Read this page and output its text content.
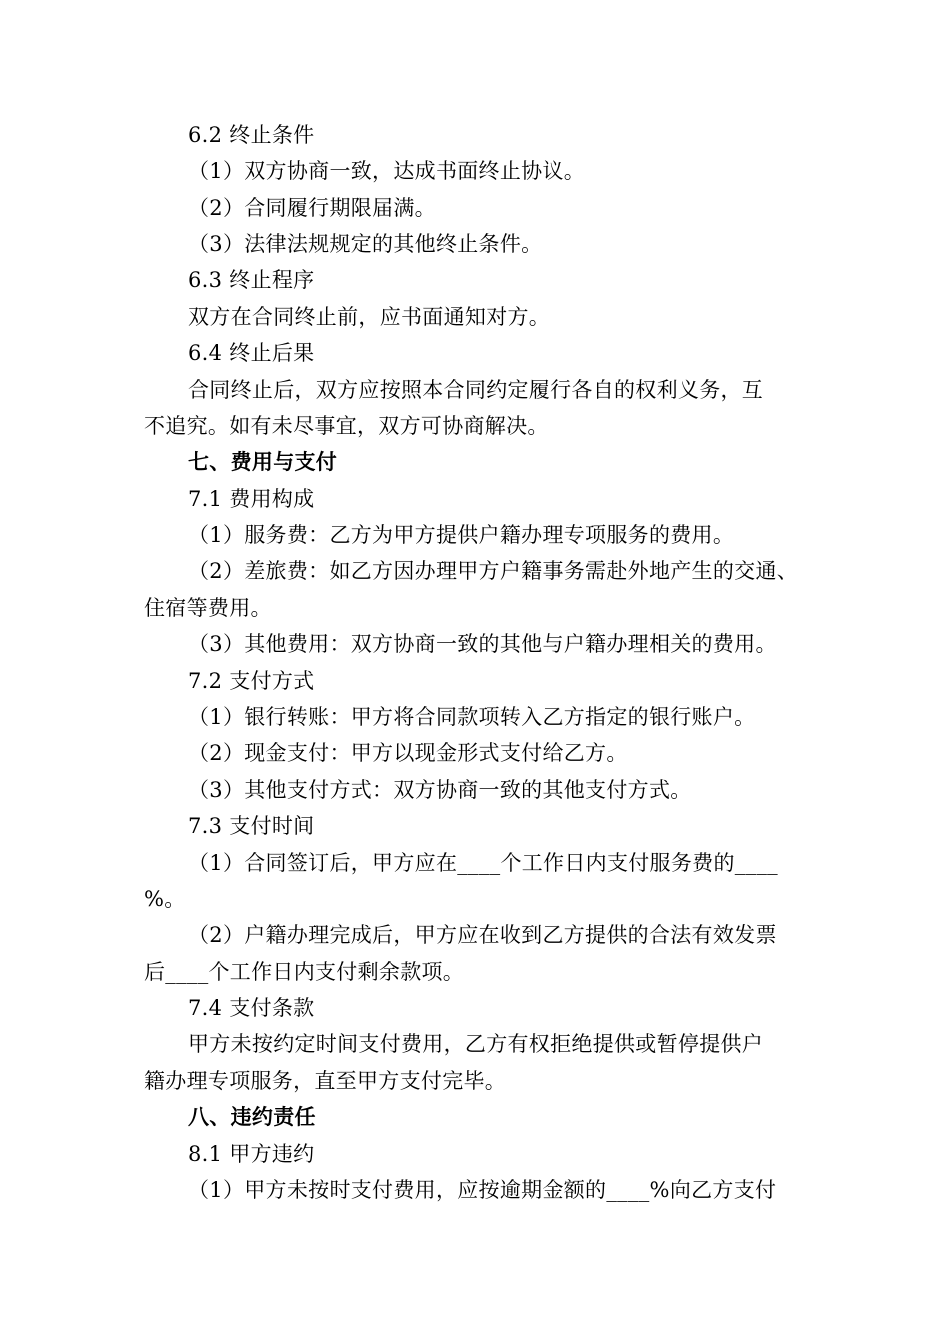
6.2 终止条件
（1）双方协商一致，达成书面终止协议。
（2）合同履行期限届满。
（3）法律法规规定的其他终止条件。
6.3 终止程序
双方在合同终止前，应书面通知对方。
6.4 终止后果
合同终止后，双方应按照本合同约定履行各自的权利义务，互
不追究。如有未尽事宜，双方可协商解决。
七、费用与支付
7.1 费用构成
（1）服务费：乙方为甲方提供户籍办理专项服务的费用。
（2）差旅费：如乙方因办理甲方户籍事务需赴外地产生的交通、
住宿等费用。
（3）其他费用：双方协商一致的其他与户籍办理相关的费用。
7.2 支付方式
（1）银行转账：甲方将合同款项转入乙方指定的银行账户。
（2）现金支付：甲方以现金形式支付给乙方。
（3）其他支付方式：双方协商一致的其他支付方式。
7.3 支付时间
（1）合同签订后，甲方应在____个工作日内支付服务费的____
%。
（2）户籍办理完成后，甲方应在收到乙方提供的合法有效发票
后____个工作日内支付剩余款项。
7.4 支付条款
甲方未按约定时间支付费用，乙方有权拒绝提供或暂停提供户
籍办理专项服务，直至甲方支付完毕。
八、违约责任
8.1 甲方违约
（1）甲方未按时支付费用，应按逾期金额的____%向乙方支付
